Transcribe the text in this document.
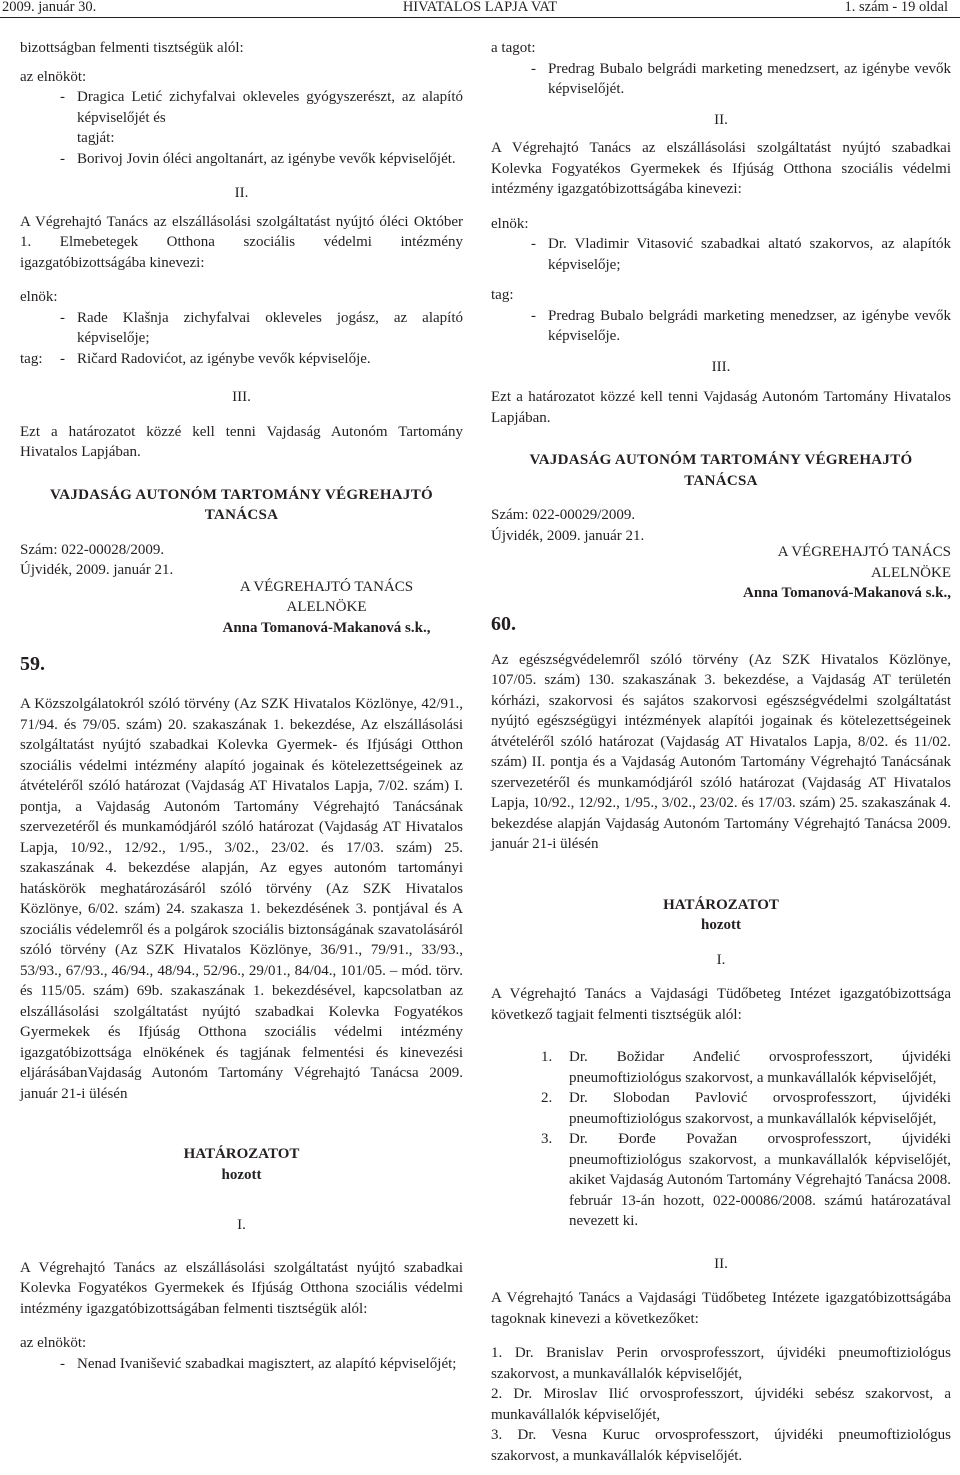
2009. január 30.	HIVATALOS LAPJA VAT	1. szám - 19 oldal

bizottságban felmenti tisztségük alól:

az elnököt:

- Dragica Letić zichyfalvai okleveles gyógyszerészt, az alapító képviselőjét és

tagját:

- Borivoj Jovin óléci angoltanárt, az igénybe vevők képviselőjét.

II.

A Végrehajtó Tanács az elszállásolási szolgáltatást nyújtó óléci Október 1. Elmebetegek Otthona szociális védelmi intézmény igazgatóbizottságába kinevezi:

elnök:

- Rade Klašnja zichyfalvai okleveles jogász, az alapító képviselője;

tag:

-	Ričard Radovićot, az igénybe vevők képviselője.

III.

Ezt a határozatot közzé kell tenni Vajdaság Autonóm Tartomány Hivatalos Lapjában.

VAJDASÁG AUTONÓM TARTOMÁNY VÉGREHAJTÓ
TANÁCSA

Szám: 022-00028/2009.

Újvidék, 2009. január 21.

A VÉGREHAJTÓ TANÁCS

ALELNÖKE

Anna Tomanová-Makanová s.k.,

59.

A Közszolgálatokról szóló törvény (Az SZK Hivatalos Közlönye, 42/91., 71/94. és 79/05. szám) 20. szakaszának 1. bekezdése, Az elszállásolási szolgáltatást nyújtó szabadkai Kolevka Gyermek- és Ifjúsági Otthon szociális védelmi intézmény alapító jogainak és kötelezettségeinek az átvételéről szóló határozat (Vajdaság AT Hivatalos Lapja, 7/02. szám) I. pontja, a Vajdaság Autonóm Tartomány Végrehajtó Tanácsának szervezetéről és munkamódjáról szóló határozat (Vajdaság AT Hivatalos Lapja, 10/92., 12/92., 1/95., 3/02., 23/02. és 17/03. szám) 25. szakaszának 4. bekezdése alapján, Az egyes autonóm tartományi hatáskörök meghatározásáról szóló törvény (Az SZK Hivatalos Közlönye, 6/02. szám) 24. szakasza 1. bekezdésének 3. pontjával és A szociális védelemről és a polgárok szociális biztonságának szavatolásáról szóló törvény (Az SZK Hivatalos Közlönye, 36/91., 79/91., 33/93., 53/93., 67/93., 46/94., 48/94., 52/96., 29/01., 84/04., 101/05. – mód. törv. és 115/05. szám) 69b. szakaszának 1. bekezdésével, kapcsolatban az elszállásolási szolgáltatást nyújtó szabadkai Kolevka Fogyatékos Gyermekek és Ifjúság Otthona szociális védelmi intézmény igazgatóbizottsága elnökének és tagjának felmentési és kinevezési eljárásábanVajdaság Autonóm Tartomány Végrehajtó Tanácsa 2009. január 21-i ülésén

HATÁROZATOT

hozott

I.

A Végrehajtó Tanács az elszállásolási szolgáltatást nyújtó szabadkai Kolevka Fogyatékos Gyermekek és Ifjúság Otthona szociális védelmi intézmény igazgatóbizottságában felmenti tisztségük alól:

az elnököt:

- Nenad Ivanišević szabadkai magisztert, az alapító képviselőjét;

a tagot:

- Predrag Bubalo belgrádi marketing menedzsert, az igénybe vevők képviselőjét.

II.

A Végrehajtó Tanács az elszállásolási szolgáltatást nyújtó szabadkai Kolevka Fogyatékos Gyermekek és Ifjúság Otthona szociális védelmi intézmény igazgatóbizottságába kinevezi:

elnök:

- Dr. Vladimir Vitasović szabadkai altató szakorvos, az alapítók képviselője;

tag:

- Predrag Bubalo belgrádi marketing menedzser, az igénybe vevők képviselője.

III.

Ezt a határozatot közzé kell tenni Vajdaság Autonóm Tartomány Hivatalos Lapjában.

VAJDASÁG AUTONÓM TARTOMÁNY VÉGREHAJTÓ
TANÁCSA

Szám: 022-00029/2009.

Újvidék, 2009. január 21.

A VÉGREHAJTÓ TANÁCS

ALELNÖKE

Anna Tomanová-Makanová s.k.,

60.

Az egészségvédelemről szóló törvény (Az SZK Hivatalos Közlönye, 107/05. szám) 130. szakaszának 3. bekezdése, a Vajdaság AT területén kórházi, szakorvosi és sajátos szakorvosi egészségvédelmi szolgáltatást nyújtó egészségügyi intézmények alapítói jogainak és kötelezettségeinek átvételéről szóló határozat (Vajdaság AT Hivatalos Lapja, 8/02. és 11/02. szám) II. pontja és a Vajdaság Autonóm Tartomány Végrehajtó Tanácsának szervezetéről és munkamódjáról szóló határozat (Vajdaság AT Hivatalos Lapja, 10/92., 12/92., 1/95., 3/02., 23/02. és 17/03. szám) 25. szakaszának 4. bekezdése alapján Vajdaság Autonóm Tartomány Végrehajtó Tanácsa 2009. január 21-i ülésén

HATÁROZATOT

hozott

I.

A Végrehajtó Tanács a Vajdasági Tüdőbeteg Intézet igazgatóbizottsága következő tagjait felmenti tisztségük alól:

1. Dr. Božidar Anđelić orvosprofesszort, újvidéki pneumoftiziológus szakorvost, a munkavállalók képviselőjét,
2. Dr. Slobodan Pavlović orvosprofesszort, újvidéki pneumoftiziológus szakorvost, a munkavállalók képviselőjét,
3. Dr. Đorđe Považan orvosprofesszort, újvidéki pneumoftiziológus szakorvost, a munkavállalók képviselőjét, akiket Vajdaság Autonóm Tartomány Végrehajtó Tanácsa 2008. február 13-án hozott, 022-00086/2008. számú határozatával nevezett ki.

II.

A Végrehajtó Tanács a Vajdasági Tüdőbeteg Intézete igazgatóbizottságába tagoknak kinevezi a következőket:

1. Dr. Branislav Perin orvosprofesszort, újvidéki pneumoftiziológus szakorvost, a munkavállalók képviselőjét,

2. Dr. Miroslav Ilić orvosprofesszort, újvidéki sebész szakorvost, a munkavállalók képviselőjét,

3. Dr. Vesna Kuruc orvosprofesszort, újvidéki pneumoftiziológus szakorvost, a munkavállalók képviselőjét.
